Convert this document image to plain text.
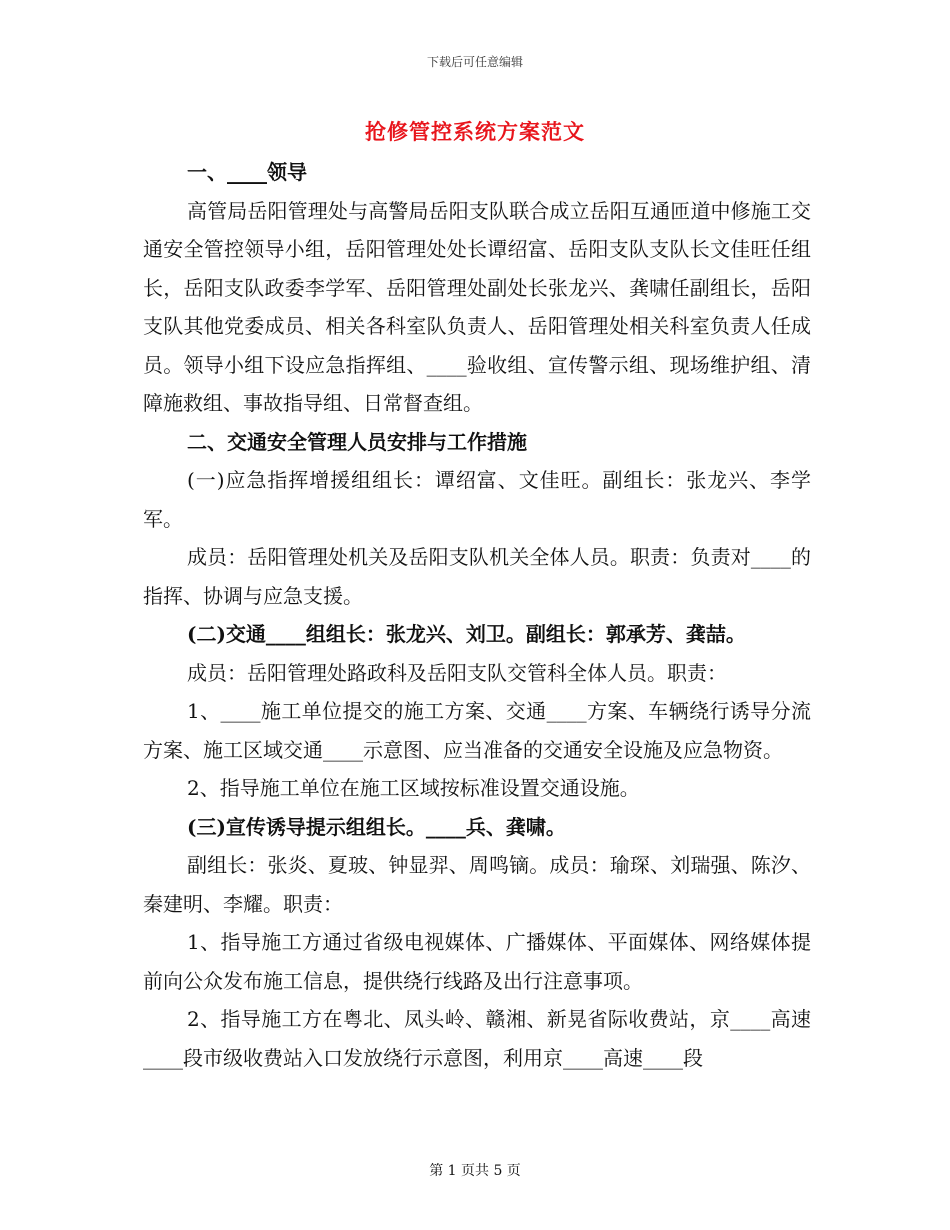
下载后可任意编辑
抢修管控系统方案范文

一、____领导

高管局岳阳管理处与高警局岳阳支队联合成立岳阳互通匝道中修施工交通安全管控领导小组，岳阳管理处处长谭绍富、岳阳支队支队长文佳旺任组长，岳阳支队政委李学军、岳阳管理处副处长张龙兴、龚啸任副组长，岳阳支队其他党委成员、相关各科室队负责人、岳阳管理处相关科室负责人任成员。领导小组下设应急指挥组、____验收组、宣传警示组、现场维护组、清障施救组、事故指导组、日常督查组。

二、交通安全管理人员安排与工作措施

(一)应急指挥增援组组长：谭绍富、文佳旺。副组长：张龙兴、李学军。

成员：岳阳管理处机关及岳阳支队机关全体人员。职责：负责对____的指挥、协调与应急支援。

(二)交通____组组长：张龙兴、刘卫。副组长：郭承芳、龚喆。

成员：岳阳管理处路政科及岳阳支队交管科全体人员。职责：

1、____施工单位提交的施工方案、交通____方案、车辆绕行诱导分流方案、施工区域交通____示意图、应当准备的交通安全设施及应急物资。

2、指导施工单位在施工区域按标准设置交通设施。

(三)宣传诱导提示组组长。____兵、龚啸。

副组长：张炎、夏玻、钟显羿、周鸣镝。成员：瑜琛、刘瑞强、陈汐、秦建明、李耀。职责：

1、指导施工方通过省级电视媒体、广播媒体、平面媒体、网络媒体提前向公众发布施工信息，提供绕行线路及出行注意事项。

2、指导施工方在粤北、凤头岭、赣湘、新晃省际收费站，京____高速____段市级收费站入口发放绕行示意图，利用京____高速____段

第 1 页共 5 页
